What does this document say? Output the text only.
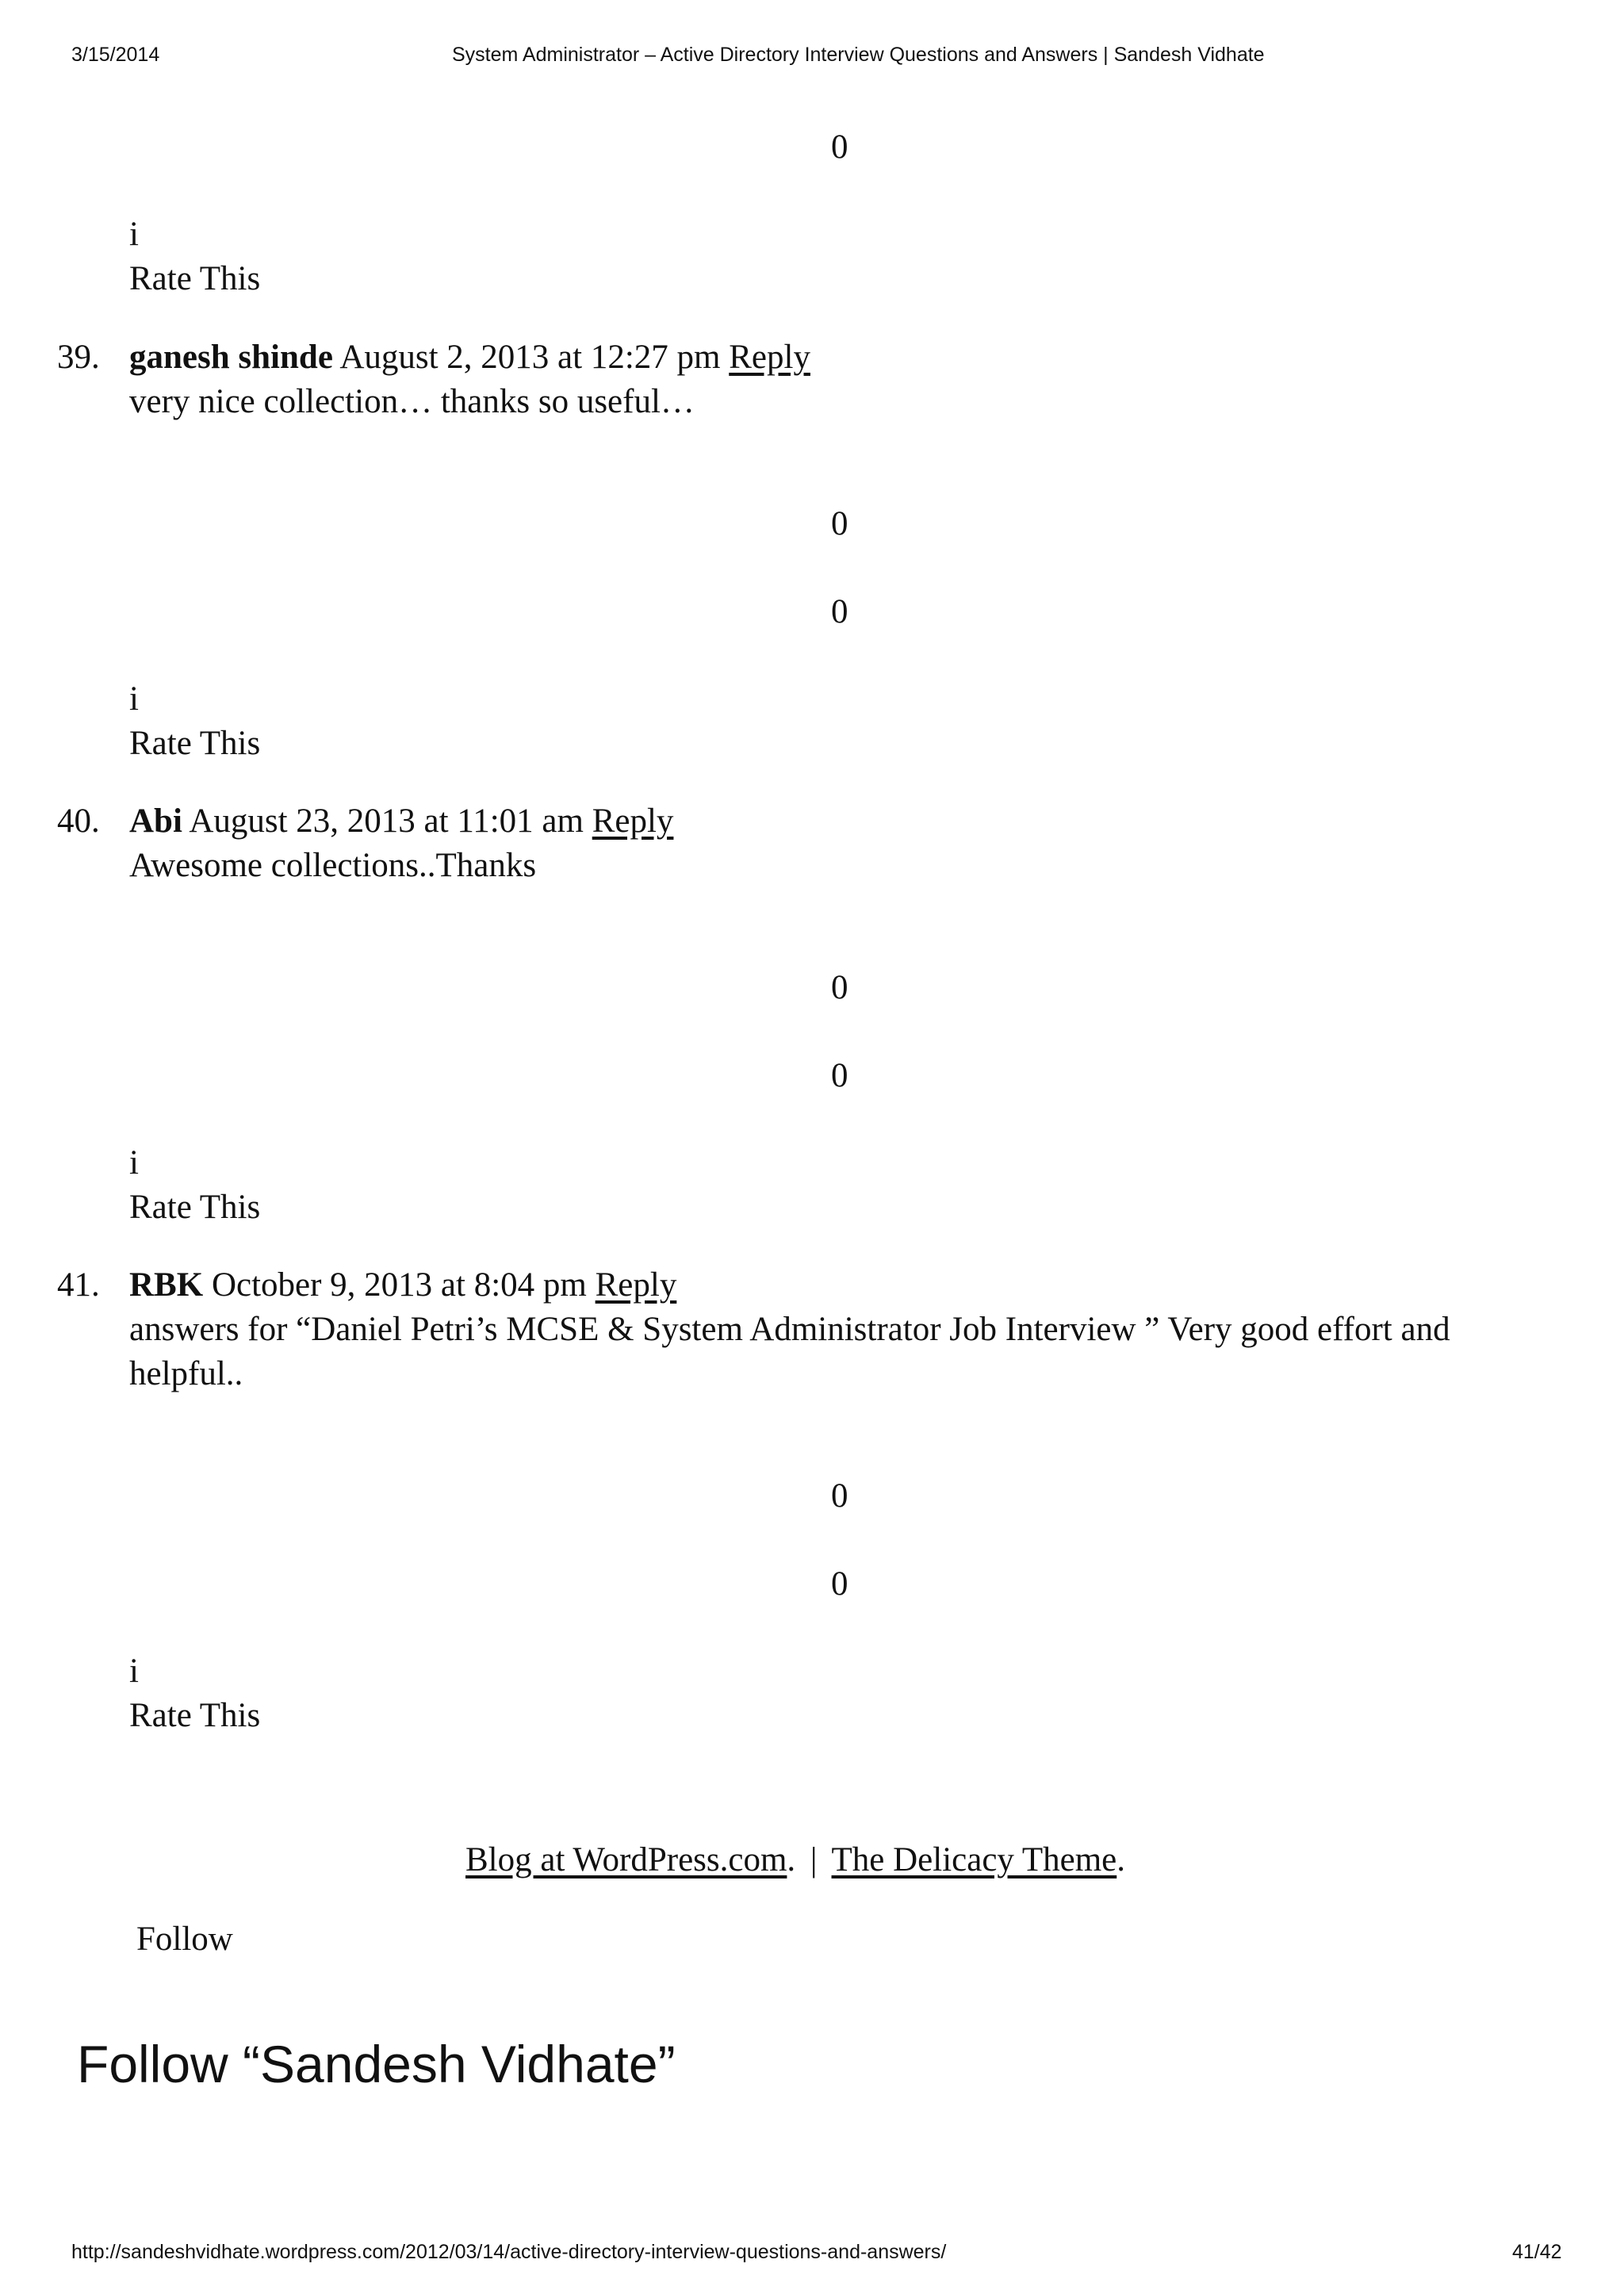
3/15/2014	System Administrator – Active Directory Interview Questions and Answers | Sandesh Vidhate
0
i
Rate This
39. ganesh shinde August 2, 2013 at 12:27 pm Reply
very nice collection… thanks so useful…
0
0
i
Rate This
40. Abi August 23, 2013 at 11:01 am Reply
Awesome collections..Thanks
0
0
i
Rate This
41. RBK October 9, 2013 at 8:04 pm Reply
answers for “Daniel Petri’s MCSE & System Administrator Job Interview ” Very good effort and helpful..
0
0
i
Rate This
Blog at WordPress.com. | The Delicacy Theme.
Follow
Follow “Sandesh Vidhate”
http://sandeshvidhate.wordpress.com/2012/03/14/active-directory-interview-questions-and-answers/	41/42
